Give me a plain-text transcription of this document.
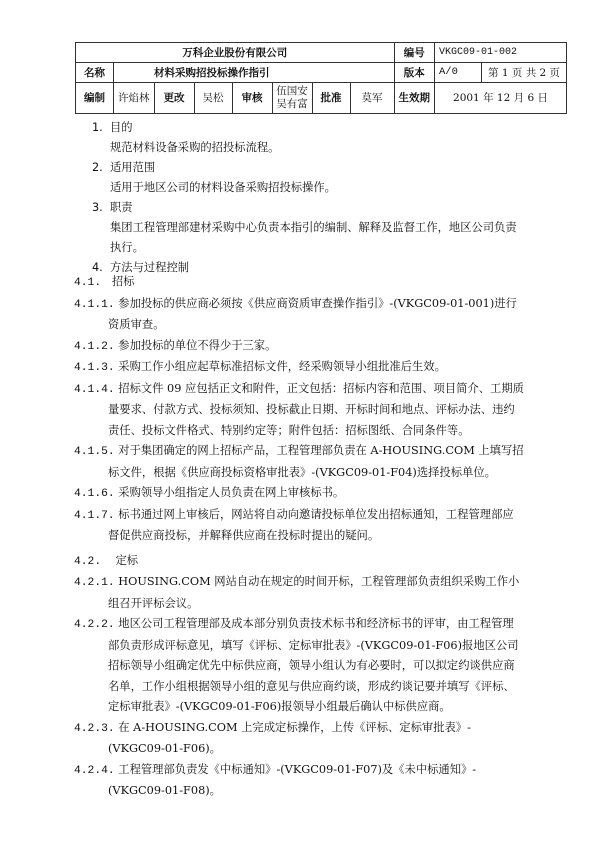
万科企业股份有限公司								编号	VKGC09-01-002
名称	材料采购招投标操作指引							版本	A/0 第 1 页 共 2 页

编制	许焰林	更改	吴松	审核	伍国安 吴有富	批准	莫军	生效期	2001 年 12 月 6 日

1. 目的

规范材料设备采购的招投标流程。

2. 适用范围

适用于地区公司的材料设备采购招投标操作。

3. 职责

集团工程管理部建材采购中心负责本指引的编制、解释及监督工作，地区公司负责执行。

4. 方法与过程控制

4.1. 招标

4.1.1. 参加投标的供应商必须按《供应商资质审查操作指引》-(VKGC09-01-001)进行资质审查。

4.1.2. 参加投标的单位不得少于三家。

4.1.3. 采购工作小组应起草标准招标文件，经采购领导小组批准后生效。

4.1.4. 招标文件 09 应包括正文和附件，正文包括：招标内容和范围、项目简介、工期质量要求、付款方式、投标须知、投标截止日期、开标时间和地点、评标办法、违约责任、投标文件格式、特别约定等；附件包括：招标图纸、合同条件等。

4.1.5. 对于集团确定的网上招标产品，工程管理部负责在 A-HOUSING.COM 上填写招标文件，根据《供应商投标资格审批表》-(VKGC09-01-F04)选择投标单位。

4.1.6. 采购领导小组指定人员负责在网上审核标书。

4.1.7. 标书通过网上审核后，网站将自动向邀请投标单位发出招标通知，工程管理部应督促供应商投标，并解释供应商在投标时提出的疑问。

4.2. 定标

4.2.1. HOUSING.COM 网站自动在规定的时间开标，工程管理部负责组织采购工作小组召开评标会议。

4.2.2. 地区公司工程管理部及成本部分别负责技术标书和经济标书的评审，由工程管理部负责形成评标意见，填写《评标、定标审批表》-(VKGC09-01-F06)报地区公司招标领导小组确定优先中标供应商，领导小组认为有必要时，可以拟定约谈供应商名单，工作小组根据领导小组的意见与供应商约谈，形成约谈记要并填写《评标、定标审批表》-(VKGC09-01-F06)报领导小组最后确认中标供应商。

4.2.3. 在 A-HOUSING.COM 上完成定标操作，上传《评标、定标审批表》-(VKGC09-01-F06)。

4.2.4. 工程管理部负责发《中标通知》-(VKGC09-01-F07)及《未中标通知》-(VKGC09-01-F08)。
